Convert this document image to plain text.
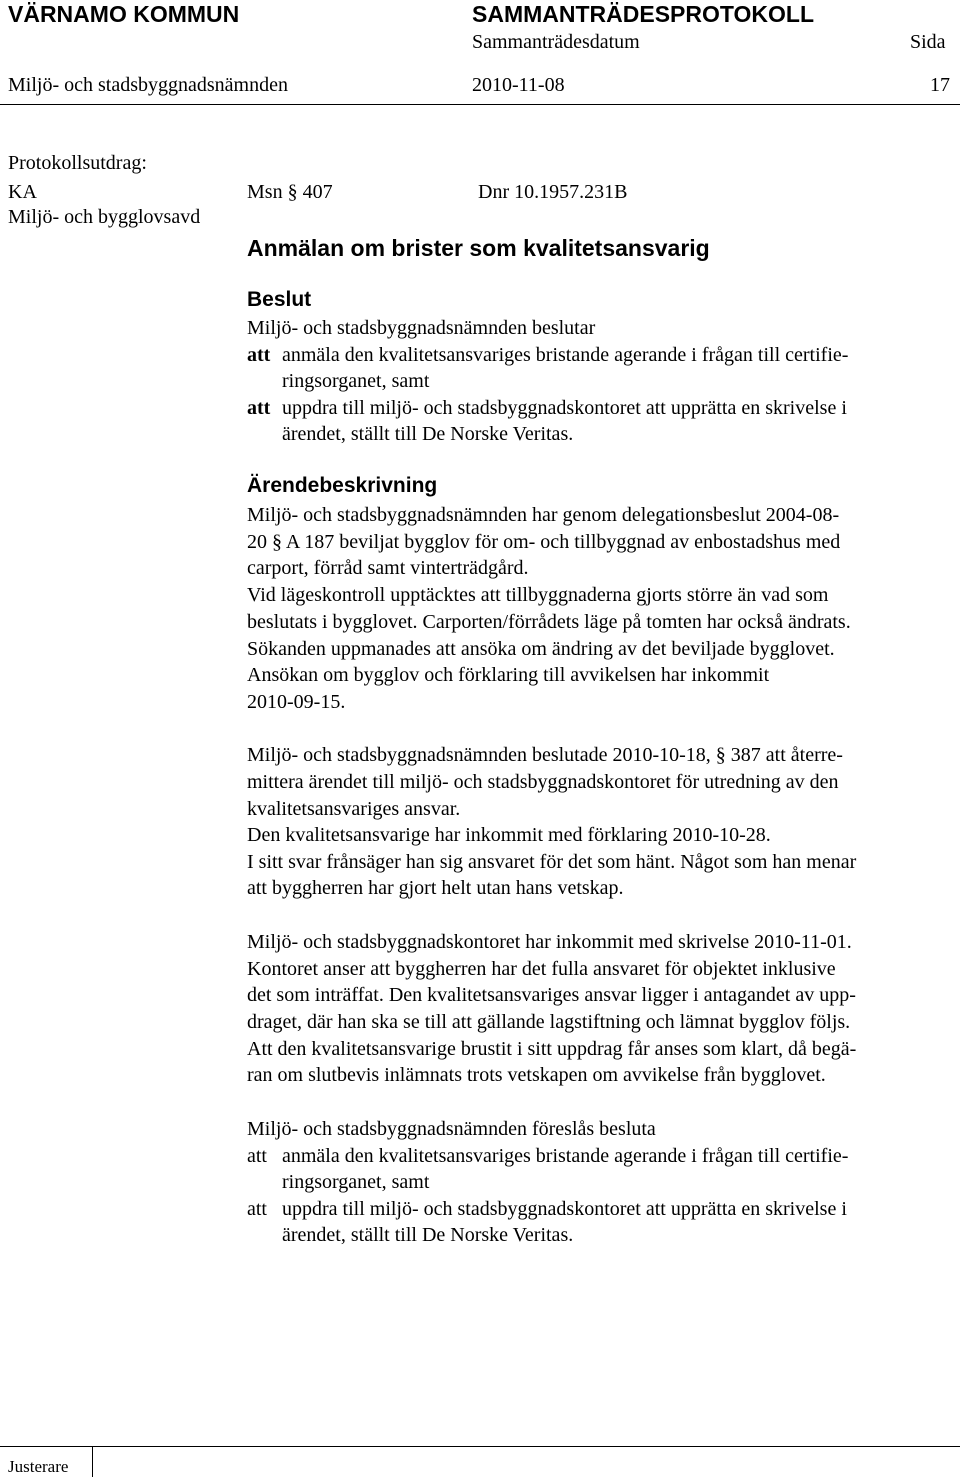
VÄRNAMO KOMMUN	SAMMANTRÄDESPROTOKOLL
Sammanträdesdatum	Sida
Miljö- och stadsbyggnadsnämnden	2010-11-08	17
Protokollsutdrag:
KA	Msn § 407	Dnr 10.1957.231B
Miljö- och bygglovsavd
Anmälan om brister som kvalitetsansvarig
Beslut
Miljö- och stadsbyggnadsnämnden beslutar
att anmäla den kvalitetsansvariges bristande agerande i frågan till certifie-
ringsorganet, samt
att uppdra till miljö- och stadsbyggnadskontoret att upprätta en skrivelse i
ärendet, ställt till De Norske Veritas.
Ärendebeskrivning
Miljö- och stadsbyggnadsnämnden har genom delegationsbeslut 2004-08-
20 § A 187 beviljat bygglov för om- och tillbyggnad av enbostadshus med
carport, förråd samt vinterträdgård.
Vid lägeskontroll upptäcktes att tillbyggnaderna gjorts större än vad som
beslutats i bygglovet. Carporten/förrådets läge på tomten har också ändrats.
Sökanden uppmanades att ansöka om ändring av det beviljade bygglovet.
Ansökan om bygglov och förklaring till avvikelsen har inkommit
2010-09-15.
Miljö- och stadsbyggnadsnämnden beslutade 2010-10-18, § 387 att återre-
mittera ärendet till miljö- och stadsbyggnadskontoret för utredning av den
kvalitetsansvariges ansvar.
Den kvalitetsansvarige har inkommit med förklaring 2010-10-28.
I sitt svar frånsäger han sig ansvaret för det som hänt. Något som han menar
att byggherren har gjort helt utan hans vetskap.
Miljö- och stadsbyggnadskontoret har inkommit med skrivelse 2010-11-01.
Kontoret anser att byggherren har det fulla ansvaret för objektet inklusive
det som inträffat. Den kvalitetsansvariges ansvar ligger i antagandet av upp-
draget, där han ska se till att gällande lagstiftning och lämnat bygglov följs.
Att den kvalitetsansvarige brustit i sitt uppdrag får anses som klart, då begä-
ran om slutbevis inlämnats trots vetskapen om avvikelse från bygglovet.
Miljö- och stadsbyggnadsnämnden föreslås besluta
att anmäla den kvalitetsansvariges bristande agerande i frågan till certifie-
ringsorganet, samt
att uppdra till miljö- och stadsbyggnadskontoret att upprätta en skrivelse i
ärendet, ställt till De Norske Veritas.
Justerare
